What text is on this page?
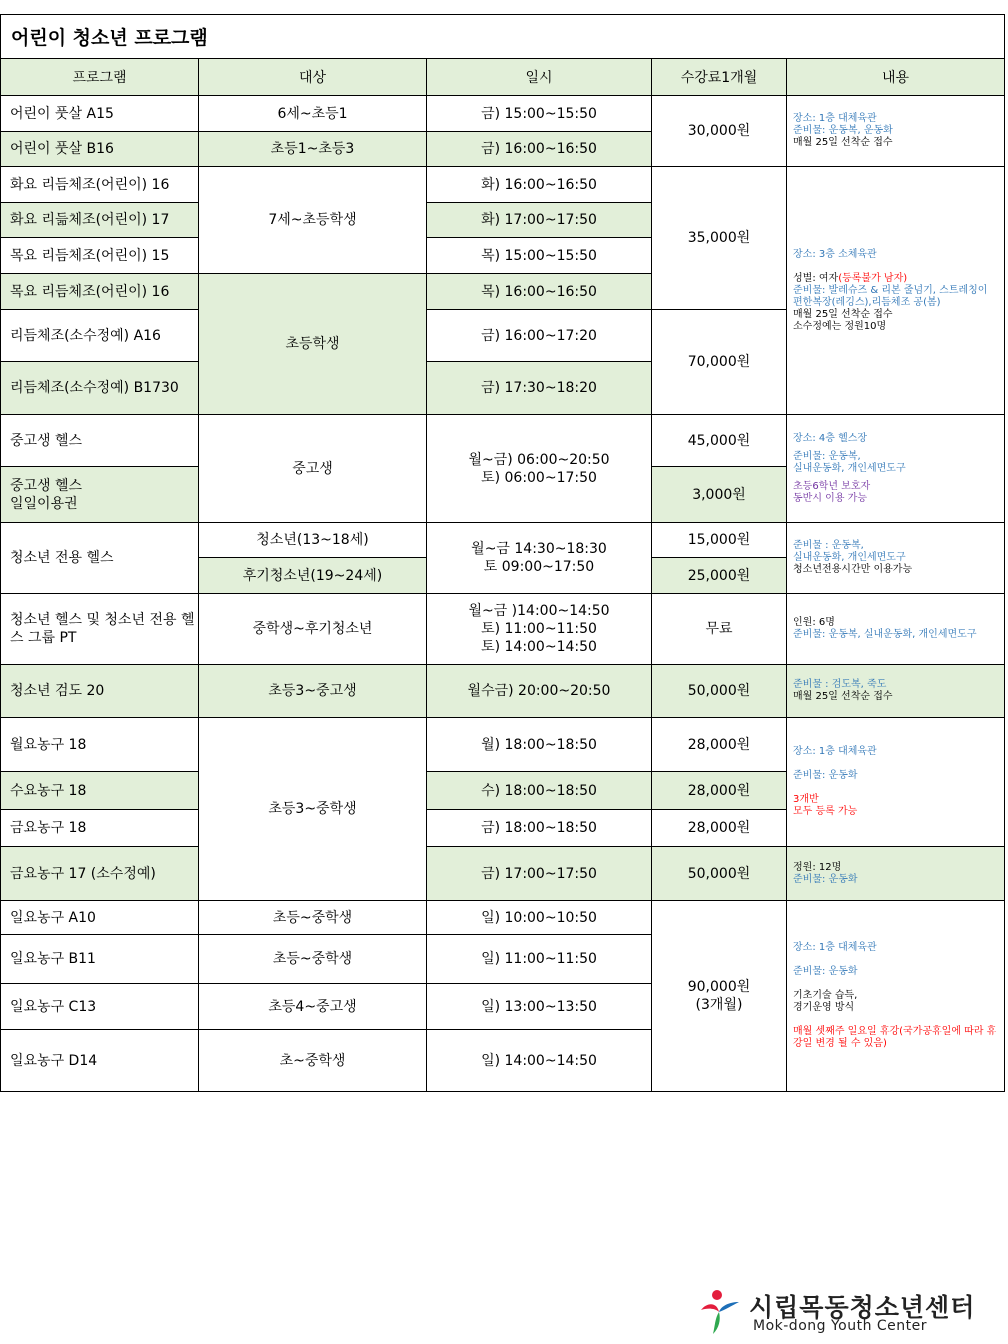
어린이 청소년 프로그램				
프로그램	대상	일시	수강료1개월	내용
어린이 풋살 A15	6세~초등1	금) 15:00~15:50	30,000원	장소: 1층 대체육관
준비물: 운동복, 운동화
매월 25일 선착순 접수

어린이 풋살 B16	초등1~초등3	금) 16:00~16:50		
화요 리듬체조(어린이) 16	7세~초등학생	화) 16:00~16:50	35,000원	장소: 3층 소체육관
성별: 여자(등록불가 남자)
준비물: 발레슈즈 & 리본 줄넘기, 스트레칭이 편한복장(레깅스),리듬체조 공(봄)
매월 25일 선착순 접수
소수정예는 정원10명

화요 리듦체조(어린이) 17		화) 17:00~17:50		
목요 리듬체조(어린이) 15		목) 15:00~15:50		
목요 리듬체조(어린이) 16	초등학생	목) 16:00~16:50		
리듬체조(소수정예) A16		금) 16:00~17:20	70,000원	
리듬체조(소수정예) B1730		금) 17:30~18:20		
중고생 헬스	중고생	월~금) 06:00~20:50
토) 06:00~17:50	45,000원	장소: 4층 헬스장
준비물: 운동복,
실내운동화, 개인세면도구
초등6학년 보호자
동반시 이용 가능

중고생 헬스
일일이용권			3,000원	
청소년 전용 헬스	청소년(13~18세)	월~금 14:30~18:30
토 09:00~17:50	15,000원	준비물 : 운동복,
실내운동화, 개인세면도구
청소년전용시간만 이용가능

	후기청소년(19~24세)		25,000원	
청소년 헬스 및 청소년 전용 헬스 그룹 PT	중학생~후기청소년	월~금 )14:00~14:50
토) 11:00~11:50
토) 14:00~14:50	무료	인원: 6명
준비물: 운동복, 실내운동화, 개인세면도구

청소년 검도 20	초등3~중고생	월수금) 20:00~20:50	50,000원	준비물 : 검도복, 죽도
매월 25일 선착순 접수

월요농구 18	초등3~중학생	월) 18:00~18:50	28,000원	장소: 1층 대체육관
준비물: 운동화
3개반
모두 등록 가능

수요농구 18		수) 18:00~18:50	28,000원	
금요농구 18		금) 18:00~18:50	28,000원	
금요농구 17 (소수정예)		금) 17:00~17:50	50,000원	정원: 12명
준비물: 운동화

일요농구 A10	초등~중학생	일) 10:00~10:50	90,000원
(3개월)	장소: 1층 대체육관
준비물: 운동화
기초기술 습득,
경기운영 방식
매월 셋째주 일요일 휴강(국가공휴일에 따라 휴강일 변경 될 수 있음)

일요농구 B11	초등~중학생	일) 11:00~11:50		
일요농구 C13	초등4~중고생	일) 13:00~13:50		
일요농구 D14	초~중학생	일) 14:00~14:50		
시립목동청소년센터
Mok-dong Youth Center
